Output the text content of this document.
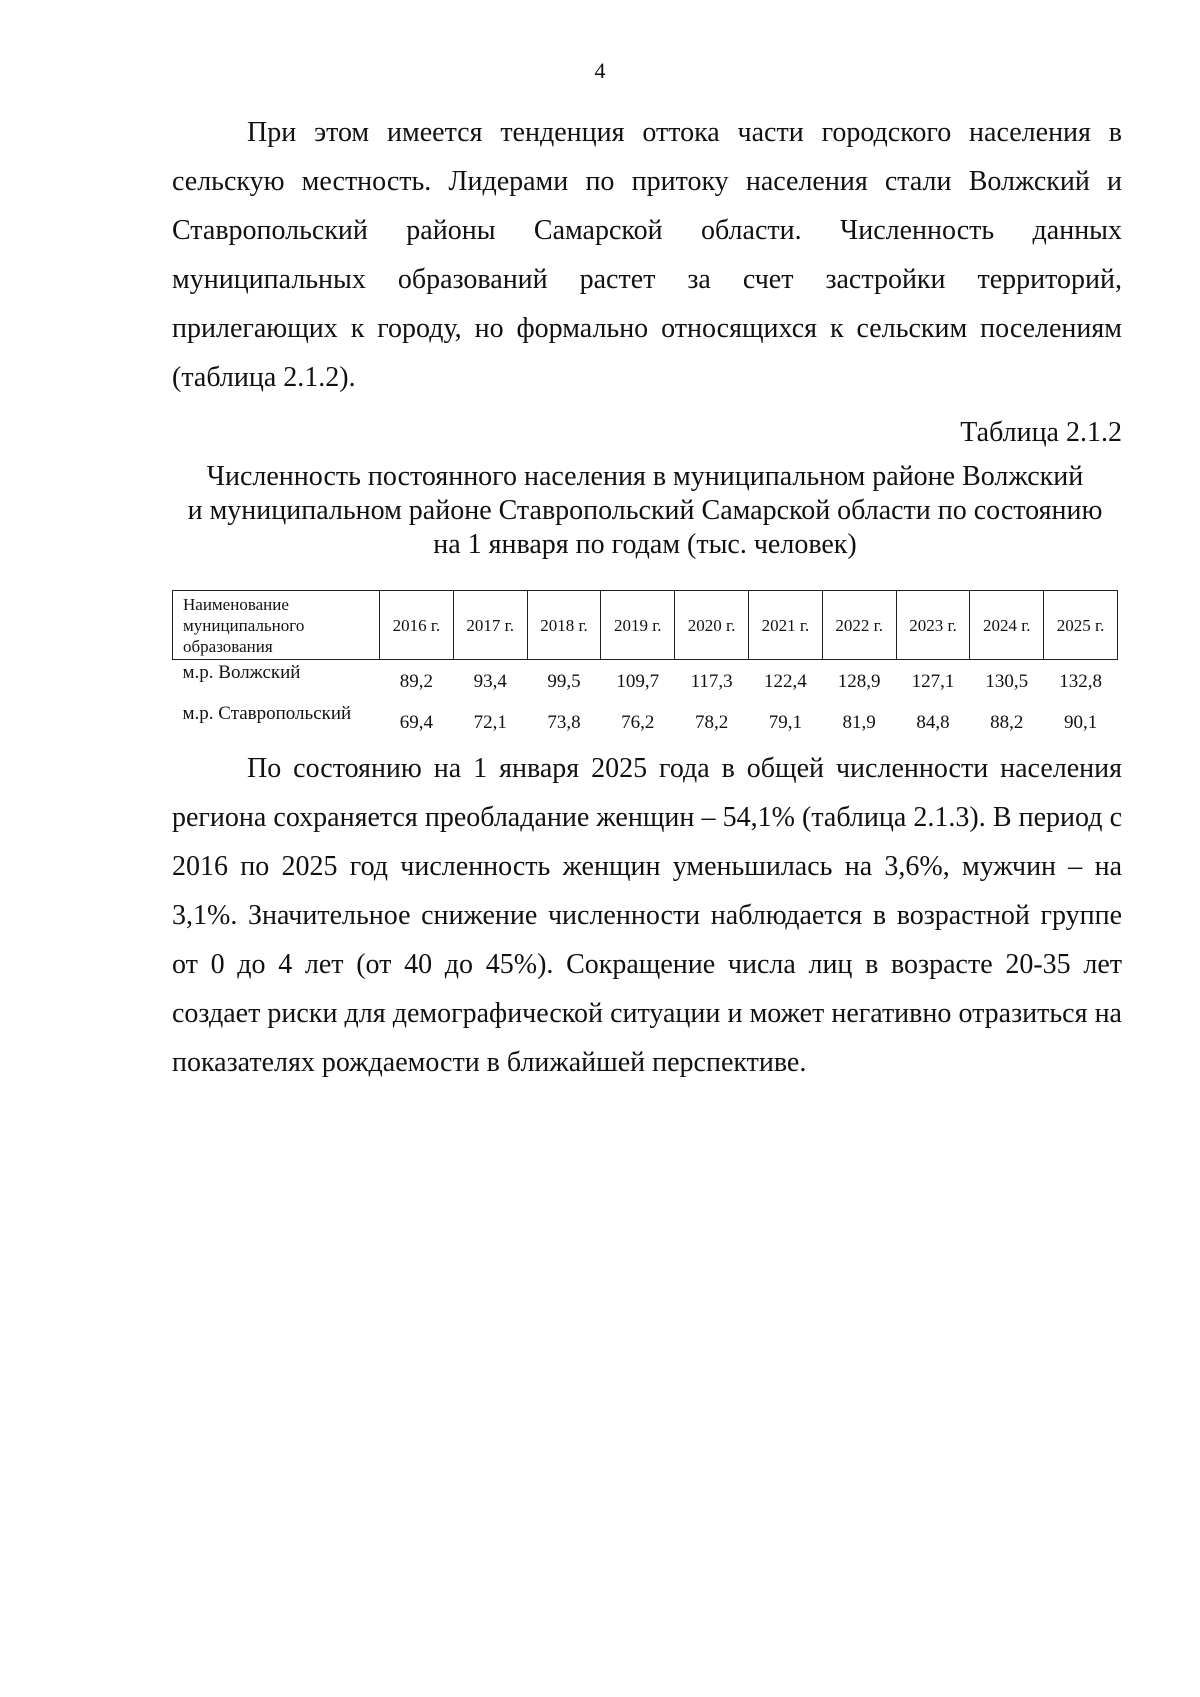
4

При этом имеется тенденция оттока части городского населения в сельскую местность. Лидерами по притоку населения стали Волжский и Ставропольский районы Самарской области. Численность данных муниципальных образований растет за счет застройки территорий, прилегающих к городу, но формально относящихся к сельским поселениям (таблица 2.1.2).

Таблица 2.1.2
Численность постоянного населения в муниципальном районе Волжский
и муниципальном районе Ставропольский Самарской области по состоянию
на 1 января по годам (тыс. человек)
Наименование
муниципального
образования	2016 г.	2017 г.	2018 г.	2019 г.	2020 г.	2021 г.	2022 г.	2023 г.	2024 г.	2025 г.
м.р. Волжский	89,2	93,4	99,5	109,7	117,3	122,4	128,9	127,1	130,5	132,8
м.р. Ставропольский	69,4	72,1	73,8	76,2	78,2	79,1	81,9	84,8	88,2	90,1

По состоянию на 1 января 2025 года в общей численности населения региона сохраняется преобладание женщин – 54,1% (таблица 2.1.3). В период с 2016 по 2025 год численность женщин уменьшилась на 3,6%, мужчин – на 3,1%. Значительное снижение численности наблюдается в возрастной группе от 0 до 4 лет (от 40 до 45%). Сокращение числа лиц в возрасте 20-35 лет создает риски для демографической ситуации и может негативно отразиться на показателях рождаемости в ближайшей перспективе.
